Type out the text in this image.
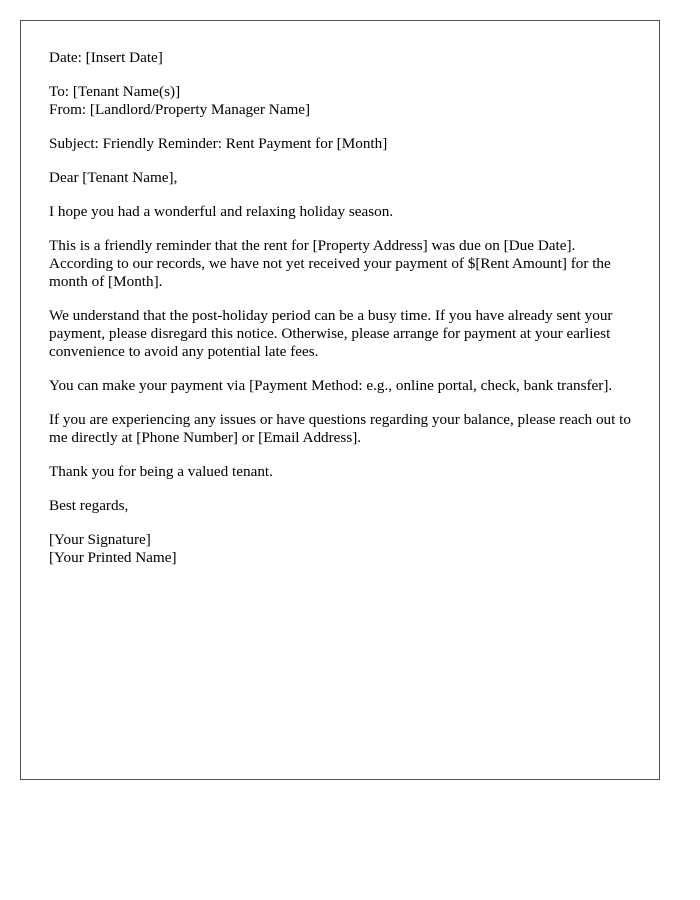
Date: [Insert Date]
To: [Tenant Name(s)]
From: [Landlord/Property Manager Name]
Subject: Friendly Reminder: Rent Payment for [Month]
Dear [Tenant Name],

I hope you had a wonderful and relaxing holiday season.

This is a friendly reminder that the rent for [Property Address] was due on [Due Date]. According to our records, we have not yet received your payment of $[Rent Amount] for the month of [Month].

We understand that the post-holiday period can be a busy time. If you have already sent your payment, please disregard this notice. Otherwise, please arrange for payment at your earliest convenience to avoid any potential late fees.

You can make your payment via [Payment Method: e.g., online portal, check, bank transfer].

If you are experiencing any issues or have questions regarding your balance, please reach out to me directly at [Phone Number] or [Email Address].

Thank you for being a valued tenant.

Best regards,
[Your Signature]
[Your Printed Name]
